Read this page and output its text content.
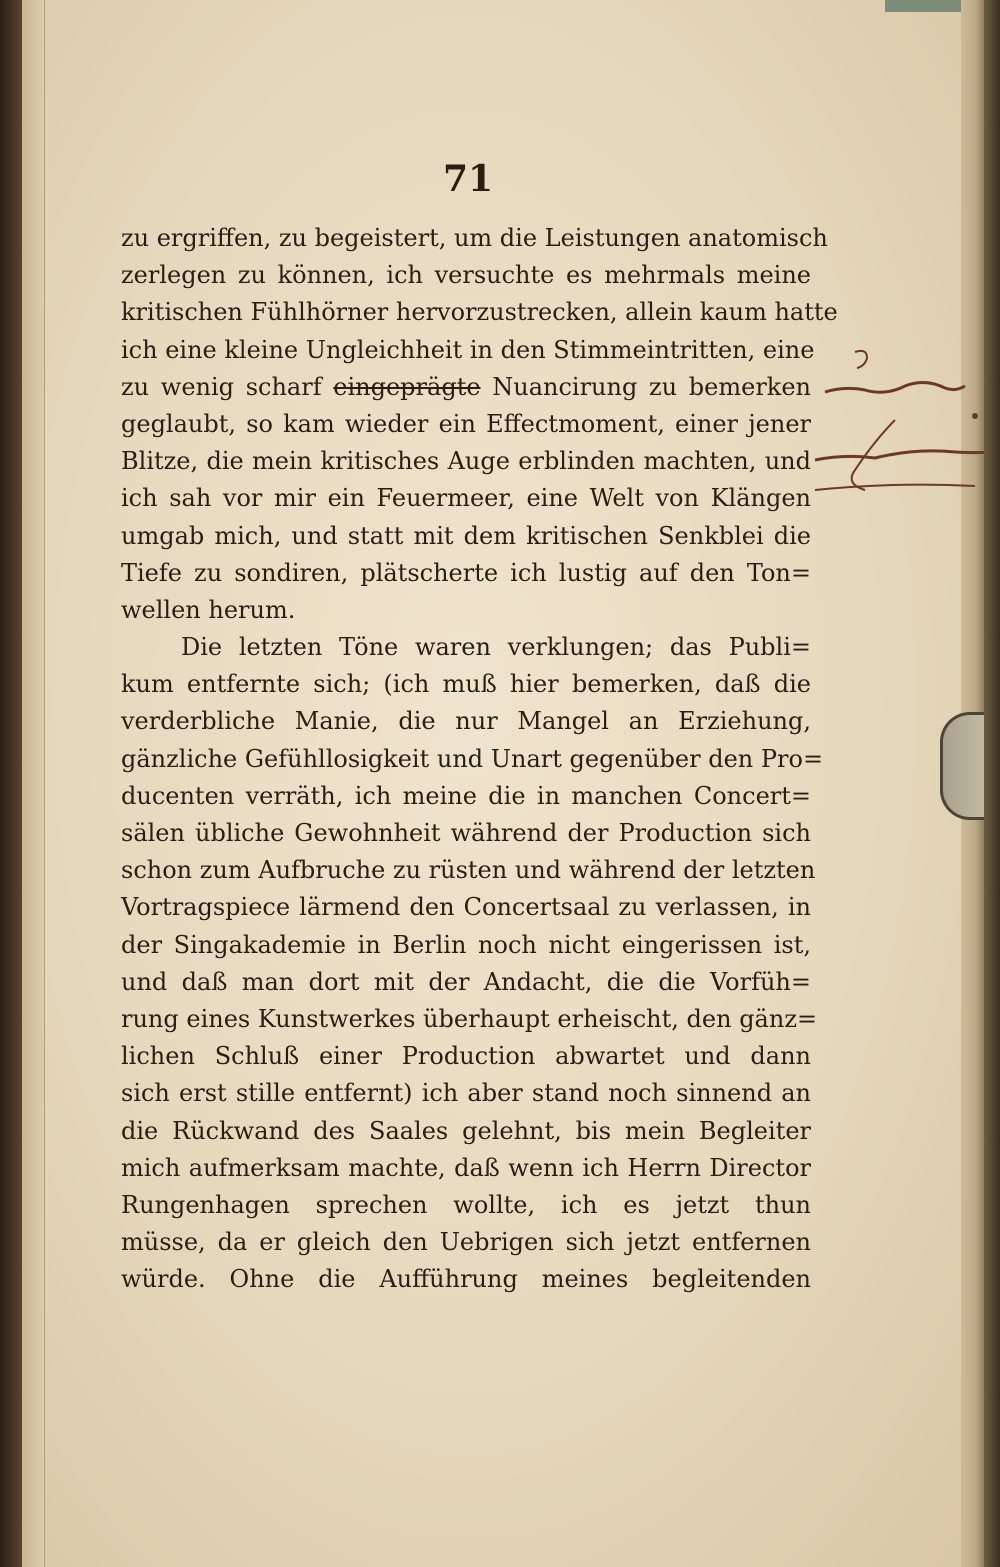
71
zu ergriffen, zu begeistert, um die Leistungen anatomisch
zerlegen zu können, ich versuchte es mehrmals meine
kritischen Fühlhörner hervorzustrecken, allein kaum hatte
ich eine kleine Ungleichheit in den Stimmeintritten, eine
zu wenig scharf eingeprägte Nuancirung zu bemerken
geglaubt, so kam wieder ein Effectmoment, einer jener
Blitze, die mein kritisches Auge erblinden machten, und
ich sah vor mir ein Feuermeer, eine Welt von Klängen
umgab mich, und statt mit dem kritischen Senkblei die
Tiefe zu sondiren, plätscherte ich lustig auf den Ton=
wellen herum.
Die letzten Töne waren verklungen; das Publi=
kum entfernte sich; (ich muß hier bemerken, daß die
verderbliche Manie, die nur Mangel an Erziehung,
gänzliche Gefühllosigkeit und Unart gegenüber den Pro=
ducenten verräth, ich meine die in manchen Concert=
sälen übliche Gewohnheit während der Production sich
schon zum Aufbruche zu rüsten und während der letzten
Vortragspiece lärmend den Concertsaal zu verlassen, in
der Singakademie in Berlin noch nicht eingerissen ist,
und daß man dort mit der Andacht, die die Vorfüh=
rung eines Kunstwerkes überhaupt erheischt, den gänz=
lichen Schluß einer Production abwartet und dann
sich erst stille entfernt) ich aber stand noch sinnend an
die Rückwand des Saales gelehnt, bis mein Begleiter
mich aufmerksam machte, daß wenn ich Herrn Director
Rungenhagen sprechen wollte, ich es jetzt thun
müsse, da er gleich den Uebrigen sich jetzt entfernen
würde. Ohne die Aufführung meines begleitenden
